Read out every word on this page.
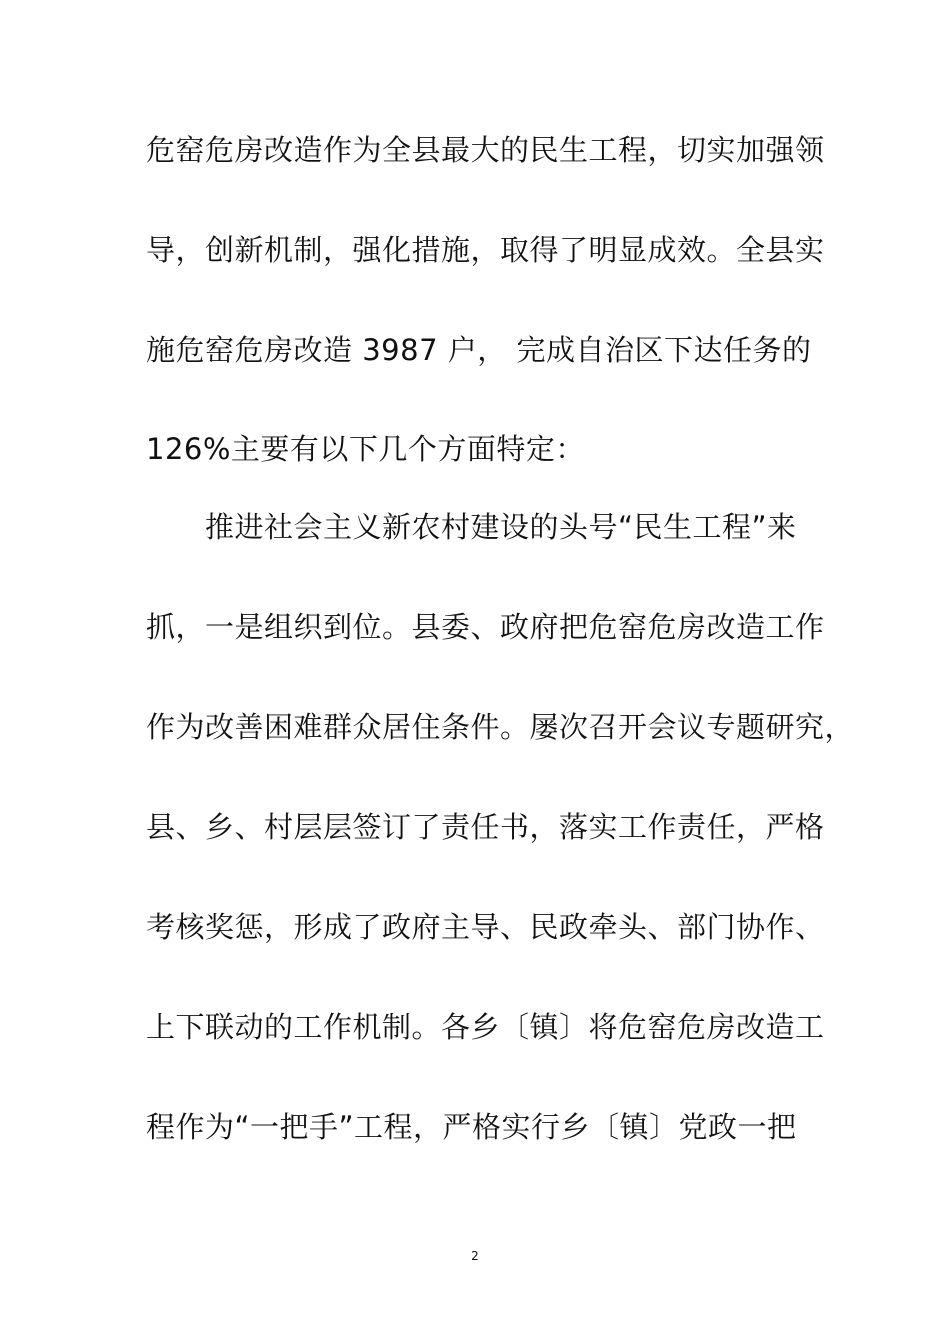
危窑危房改造作为全县最大的民生工程，切实加强领
导，创新机制，强化措施，取得了明显成效。全县实
施危窑危房改造 3987 户， 完成自治区下达任务的
126%主要有以下几个方面特定：
推进社会主义新农村建设的头号“民生工程”来
抓，一是组织到位。县委、政府把危窑危房改造工作
作为改善困难群众居住条件。屡次召开会议专题研究，
县、乡、村层层签订了责任书，落实工作责任，严格
考核奖惩，形成了政府主导、民政牵头、部门协作、
上下联动的工作机制。各乡〔镇〕将危窑危房改造工
程作为“一把手”工程，严格实行乡〔镇〕党政一把
2
